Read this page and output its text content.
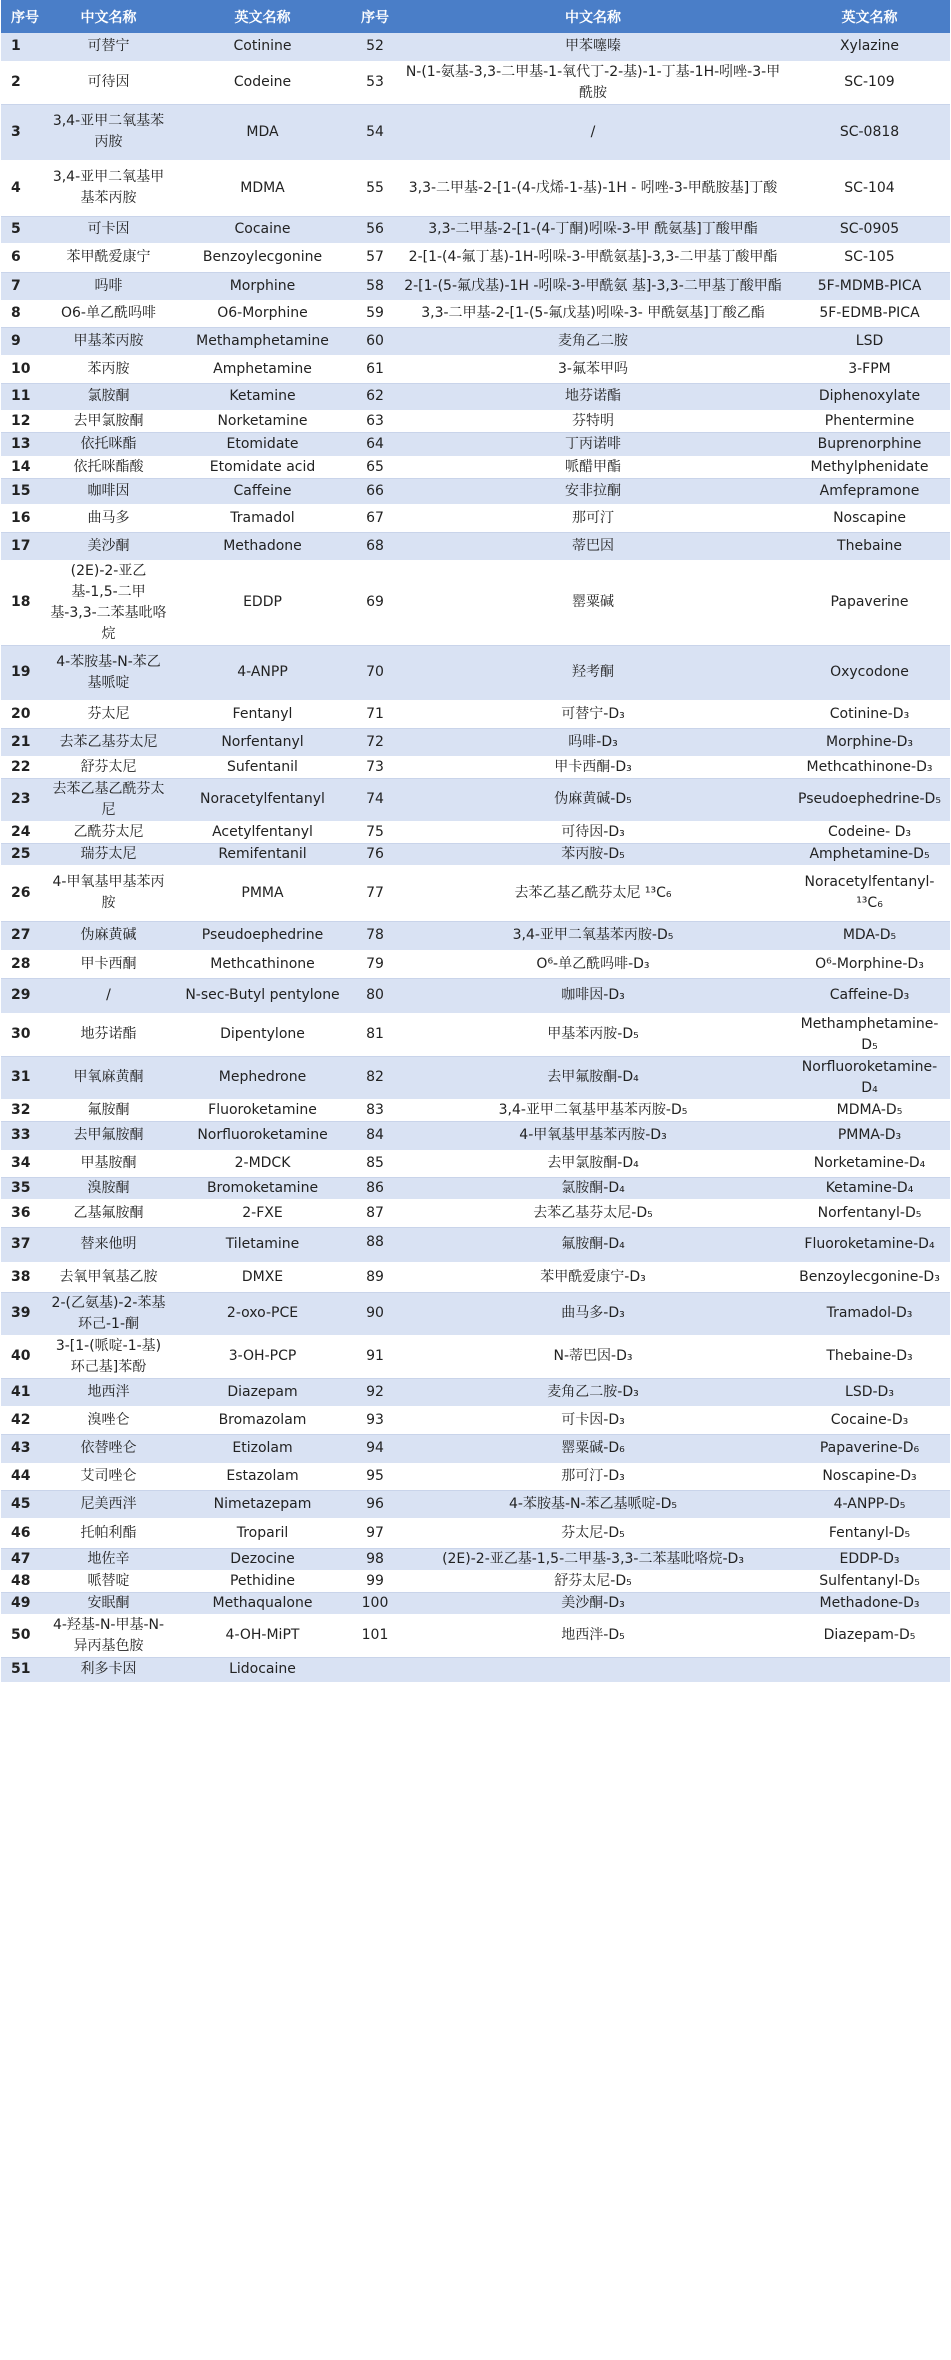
序号	中文名称	英文名称	序号	中文名称	英文名称
1	可替宁	Cotinine	52	甲苯噻嗪	Xylazine
2	可待因	Codeine	53	N-(1-氨基-3,3-二甲基-1-氧代丁-2-基)-1-丁基-1H-吲唑-3-甲酰胺	SC-109
3	3,4-亚甲二氧基苯丙胺	MDA	54	/	SC-0818
4	3,4-亚甲二氧基甲基苯丙胺	MDMA	55	3,3-二甲基-2-[1-(4-戊烯-1-基)-1H - 吲唑-3-甲酰胺基]丁酸	SC-104
5	可卡因	Cocaine	56	3,3-二甲基-2-[1-(4-丁酮)吲哚-3-甲 酰氨基]丁酸甲酯	SC-0905
6	苯甲酰爱康宁	Benzoylecgonine	57	2-[1-(4-氟丁基)-1H-吲哚-3-甲酰氨基]-3,3-二甲基丁酸甲酯	SC-105
7	吗啡	Morphine	58	2-[1-(5-氟戊基)-1H -吲哚-3-甲酰氨 基]-3,3-二甲基丁酸甲酯	5F-MDMB-PICA
8	O6-单乙酰吗啡	O6-Morphine	59	3,3-二甲基-2-[1-(5-氟戊基)吲哚-3- 甲酰氨基]丁酸乙酯	5F-EDMB-PICA
9	甲基苯丙胺	Methamphetamine	60	麦角乙二胺	LSD
10	苯丙胺	Amphetamine	61	3-氟苯甲吗	3-FPM
11	氯胺酮	Ketamine	62	地芬诺酯	Diphenoxylate
12	去甲氯胺酮	Norketamine	63	芬特明	Phentermine
13	依托咪酯	Etomidate	64	丁丙诺啡	Buprenorphine
14	依托咪酯酸	Etomidate acid	65	哌醋甲酯	Methylphenidate
15	咖啡因	Caffeine	66	安非拉酮	Amfepramone
16	曲马多	Tramadol	67	那可汀	Noscapine
17	美沙酮	Methadone	68	蒂巴因	Thebaine
18	(2E)-2-亚乙基-1,5-二甲基-3,3-二苯基吡咯烷	EDDP	69	罂粟碱	Papaverine
19	4-苯胺基-N-苯乙基哌啶	4-ANPP	70	羟考酮	Oxycodone
20	芬太尼	Fentanyl	71	可替宁-D₃	Cotinine-D₃
21	去苯乙基芬太尼	Norfentanyl	72	吗啡-D₃	Morphine-D₃
22	舒芬太尼	Sufentanil	73	甲卡西酮-D₃	Methcathinone-D₃
23	去苯乙基乙酰芬太尼	Noracetylfentanyl	74	伪麻黄碱-D₅	Pseudoephedrine-D₅
24	乙酰芬太尼	Acetylfentanyl	75	可待因-D₃	Codeine- D₃
25	瑞芬太尼	Remifentanil	76	苯丙胺-D₅	Amphetamine-D₅
26	4-甲氧基甲基苯丙胺	PMMA	77	去苯乙基乙酰芬太尼 ¹³C₆	Noracetylfentanyl-¹³C₆
27	伪麻黄碱	Pseudoephedrine	78	3,4-亚甲二氧基苯丙胺-D₅	MDA-D₅
28	甲卡西酮	Methcathinone	79	O⁶-单乙酰吗啡-D₃	O⁶-Morphine-D₃
29	/	N-sec-Butyl pentylone	80	咖啡因-D₃	Caffeine-D₃
30	地芬诺酯	Dipentylone	81	甲基苯丙胺-D₅	Methamphetamine-D₅
31	甲氧麻黄酮	Mephedrone	82	去甲氟胺酮-D₄	Norfluoroketamine-D₄
32	氟胺酮	Fluoroketamine	83	3,4-亚甲二氧基甲基苯丙胺-D₅	MDMA-D₅
33	去甲氟胺酮	Norfluoroketamine	84	4-甲氧基甲基苯丙胺-D₃	PMMA-D₃
34	甲基胺酮	2-MDCK	85	去甲氯胺酮-D₄	Norketamine-D₄
35	溴胺酮	Bromoketamine	86	氯胺酮-D₄	Ketamine-D₄
36	乙基氟胺酮	2-FXE	87	去苯乙基芬太尼-D₅	Norfentanyl-D₅
37	替来他明	Tiletamine	88	氟胺酮-D₄	Fluoroketamine-D₄
38	去氧甲氧基乙胺	DMXE	89	苯甲酰爱康宁-D₃	Benzoylecgonine-D₃
39	2-(乙氨基)-2-苯基环己-1-酮	2-oxo-PCE	90	曲马多-D₃	Tramadol-D₃
40	3-[1-(哌啶-1-基)环己基]苯酚	3-OH-PCP	91	N-蒂巴因-D₃	Thebaine-D₃
41	地西泮	Diazepam	92	麦角乙二胺-D₃	LSD-D₃
42	溴唑仑	Bromazolam	93	可卡因-D₃	Cocaine-D₃
43	依替唑仑	Etizolam	94	罂粟碱-D₆	Papaverine-D₆
44	艾司唑仑	Estazolam	95	那可汀-D₃	Noscapine-D₃
45	尼美西泮	Nimetazepam	96	4-苯胺基-N-苯乙基哌啶-D₅	4-ANPP-D₅
46	托帕利酯	Troparil	97	芬太尼-D₅	Fentanyl-D₅
47	地佐辛	Dezocine	98	(2E)-2-亚乙基-1,5-二甲基-3,3-二苯基吡咯烷-D₃	EDDP-D₃
48	哌替啶	Pethidine	99	舒芬太尼-D₅	Sulfentanyl-D₅
49	安眠酮	Methaqualone	100	美沙酮-D₃	Methadone-D₃
50	4-羟基-N-甲基-N-异丙基色胺	4-OH-MiPT	101	地西泮-D₅	Diazepam-D₅
51	利多卡因	Lidocaine			
